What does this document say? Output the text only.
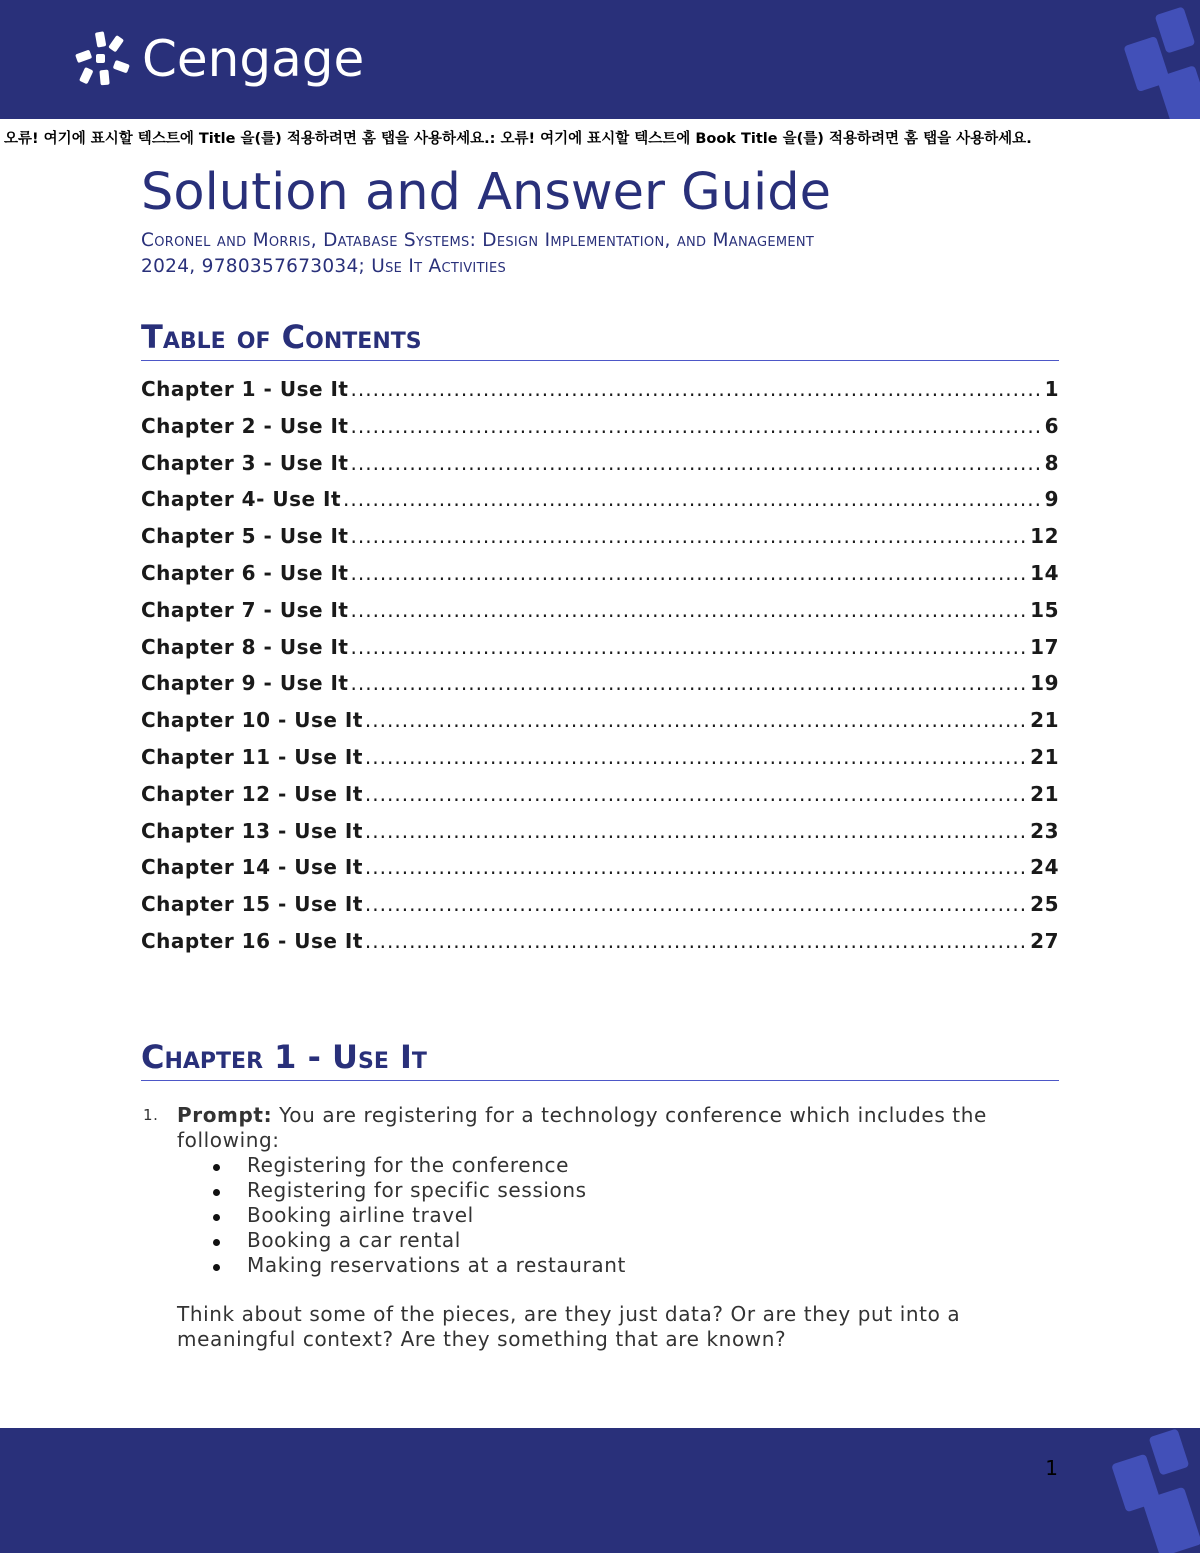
Cengage
오류! 여기에 표시할 텍스트에 Title 을(를) 적용하려면 홈 탭을 사용하세요.: 오류! 여기에 표시할 텍스트에 Book Title 을(를) 적용하려면 홈 탭을 사용하세요.
Solution and Answer Guide
Coronel and Morris, Database Systems: Design Implementation, and Management
2024, 9780357673034; Use It Activities
Table of Contents
Chapter 1 - Use It .....	1
Chapter 2 - Use It .....	6
Chapter 3 - Use It .....	8
Chapter 4- Use It .....	9
Chapter 5 - Use It .....	12
Chapter 6 - Use It .....	14
Chapter 7 - Use It .....	15
Chapter 8 - Use It .....	17
Chapter 9 - Use It .....	19
Chapter 10 - Use It .....	21
Chapter 11 - Use It .....	21
Chapter 12 - Use It .....	21
Chapter 13 - Use It .....	23
Chapter 14 - Use It .....	24
Chapter 15 - Use It .....	25
Chapter 16 - Use It .....	27
Chapter 1 - Use It
1. Prompt: You are registering for a technology conference which includes the following:
Registering for the conference
Registering for specific sessions
Booking airline travel
Booking a car rental
Making reservations at a restaurant
Think about some of the pieces, are they just data? Or are they put into a meaningful context? Are they something that are known?
1
